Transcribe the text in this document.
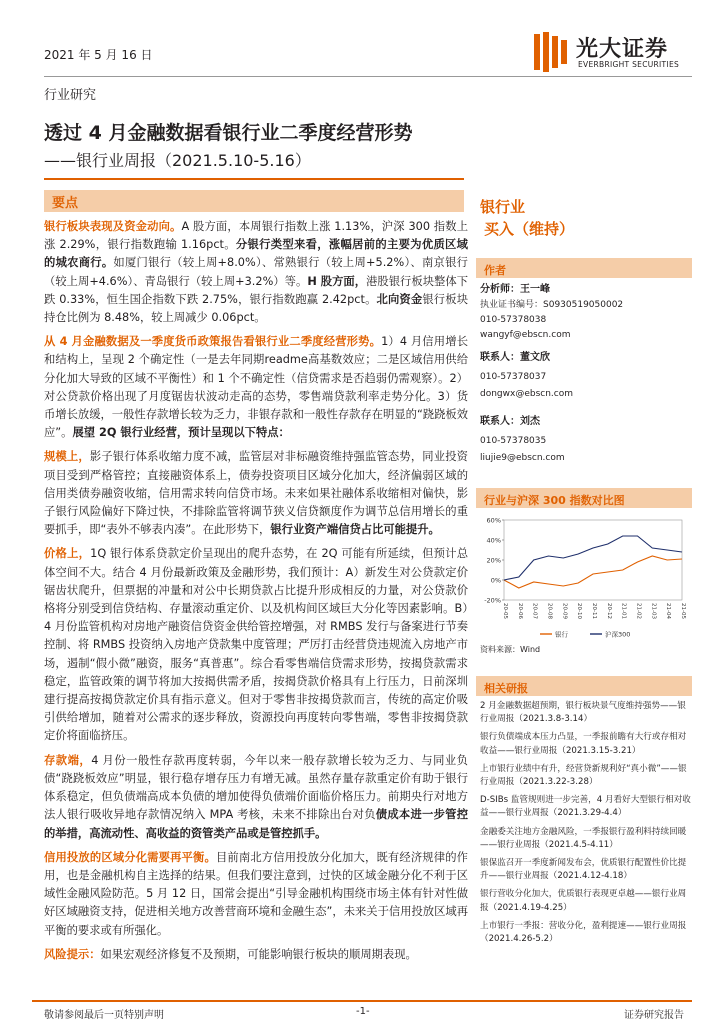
2021 年 5 月 16 日	光大证券
EVERBRIGHT SECURITIES
行业研究
透过 4 月金融数据看银行业二季度经营形势
——银行业周报（2021.5.10-5.16）
要点

银行板块表现及资金动向。A 股方面，本周银行指数上涨 1.13%，沪深 300 指数上涨 2.29%，银行指数跑输 1.16pct。分银行类型来看，涨幅居前的主要为优质区域的城农商行。如厦门银行（较上周+8.0%）、常熟银行（较上周+5.2%）、南京银行（较上周+4.6%）、青岛银行（较上周+3.2%）等。H 股方面，港股银行板块整体下跌 0.33%，恒生国企指数下跌 2.75%，银行指数跑赢 2.42pct。北向资金银行板块持仓比例为 8.48%，较上周减少 0.06pct。

从 4 月金融数据及一季度货币政策报告看银行业二季度经营形势。1）4 月信用增长和结构上，呈现 2 个确定性（一是去年同期readme高基数效应；二是区域信用供给分化加大导致的区域不平衡性）和 1 个不确定性（信贷需求是否趋弱仍需观察）。2）对公贷款价格出现了月度锯齿状波动走高的态势，零售端贷款利率走势分化。3）货币增长放缓，一般性存款增长较为乏力，非银存款和一般性存款存在明显的“跷跷板效应”。展望 2Q 银行业经营，预计呈现以下特点：

规模上，影子银行体系收缩力度不减，监管层对非标融资维持强监管态势，同业投资项目受到严格管控；直接融资体系上，债券投资项目区域分化加大，经济偏弱区域的信用类债券融资收缩，信用需求转向信贷市场。未来如果社融体系收缩相对偏快，影子银行风险偏好下降过快，不排除监管将调节狭义信贷额度作为调节总信用增长的重要抓手，即“表外不够表内凑”。在此形势下，银行业资产端信贷占比可能提升。

价格上，1Q 银行体系贷款定价呈现出的爬升态势，在 2Q 可能有所延续，但预计总体空间不大。结合 4 月份最新政策及金融形势，我们预计：A）新发生对公贷款定价锯齿状爬升，但票据的冲量和对公中长期贷款占比提升形成相反的力量，对公贷款价格将分别受到信贷结构、存量滚动重定价、以及机构间区域巨大分化等因素影响。B）4 月份监管机构对房地产融资信贷资金供给管控增强，对 RMBS 发行与备案进行节奏控制、将 RMBS 投资纳入房地产贷款集中度管理；严厉打击经营贷违规流入房地产市场，遏制“假小微”融资，服务“真普惠”。综合看零售端信贷需求形势，按揭贷款需求稳定，监管政策的调节将加大按揭供需矛盾，按揭贷款价格具有上行压力，日前深圳建行提高按揭贷款定价具有指示意义。但对于零售非按揭贷款而言，传统的高定价吸引供给增加，随着对公需求的逐步释放，资源投向再度转向零售端，零售非按揭贷款定价将面临挤压。

存款端，4 月份一般性存款再度转弱，今年以来一般存款增长较为乏力、与同业负债“跷跷板效应”明显，银行稳存增存压力有增无减。虽然存量存款重定价有助于银行体系稳定，但负债端高成本负债的增加使得负债端价面临价格压力。前期央行对地方法人银行吸收异地存款情况纳入 MPA 考核，未来不排除出台对负债成本进一步管控的举措，高流动性、高收益的资管类产品或是管控抓手。

信用投放的区域分化需要再平衡。目前南北方信用投放分化加大，既有经济规律的作用，也是金融机构自主选择的结果。但我们要注意到，过快的区域金融分化不利于区域性金融风险防范。5 月 12 日，国常会提出“引导金融机构围绕市场主体有针对性做好区域融资支持，促进相关地方改善营商环境和金融生态”，未来关于信用投放区域再平衡的要求或有所强化。

风险提示：如果宏观经济修复不及预期，可能影响银行板块的顺周期表现。

银行业
买入（维持）
作者
分析师：王一峰
执业证书编号：S0930519050002
010-57378038
wangyf@ebscn.com
联系人：董文欣
010-57378037
dongwx@ebscn.com
联系人：刘杰
010-57378035
liujie9@ebscn.com
行业与沪深 300 指数对比图
-20%
0%
20%
40%
60%
20-05 20-06 20-07 20-08 20-09 20-10 20-11 20-12 21-01 21-02 21-03 21-04 21-05
银行	沪深300
资料来源：Wind
相关研报
2 月金融数据超预期，银行板块景气度维持强势——银行业周报（2021.3.8-3.14）
银行负债端成本压力凸显，一季报前瞻有大行或存相对收益——银行业周报（2021.3.15-3.21）
上市银行业绩中有升，经营贷新规利好“真小微”——银行业周报（2021.3.22-3.28）
D-SIBs 监管规则进一步完善，4 月看好大型银行相对收益——银行业周报（2021.3.29-4.4）
金融委关注地方金融风险，一季报银行盈利料持续回暖——银行业周报（2021.4.5-4.11）
银保监召开一季度新闻发布会，优质银行配置性价比提升——银行业周报（2021.4.12-4.18）
银行营收分化加大，优质银行表现更卓越——银行业周报（2021.4.19-4.25）
上市银行一季报：营收分化，盈利提速——银行业周报（2021.4.26-5.2）
敬请参阅最后一页特别声明	-1-	证券研究报告
